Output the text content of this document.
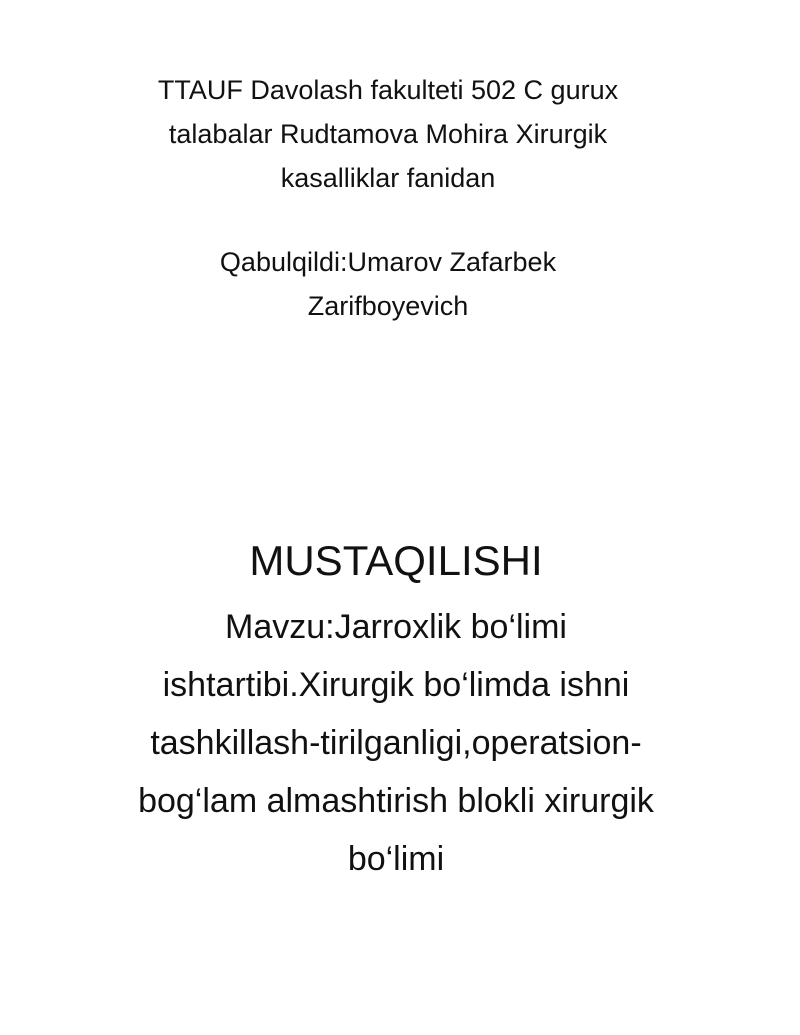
TTAUF Davolash fakulteti 502 C gurux

talabalar Rudtamova Mohira Xirurgik

kasalliklar fanidan

Qabulqildi:Umarov Zafarbek

Zarifboyevich

MUSTAQILISHI
Mavzu:Jarroxlik bo‘limi
ishtartibi.Xirurgik bo‘limda ishni
tashkillash-tirilganligi,operatsion-
bog‘lam almashtirish blokli xirurgik
bo‘limi
